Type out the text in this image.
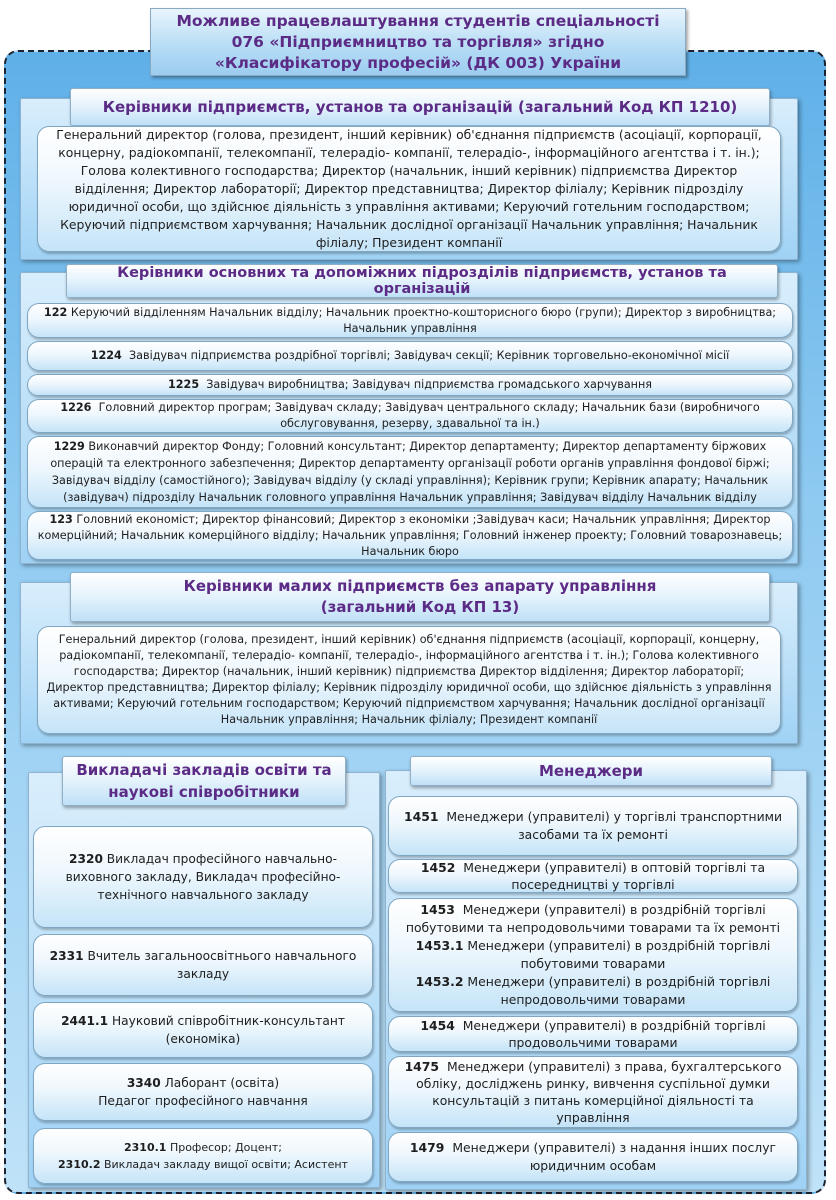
Можливе працевлаштування студентів спеціальності
076 «Підприємництво та торгівля» згідно
«Класифікатору професій» (ДК 003) України
Керівники підприємств, установ та організацій (загальний Код КП 1210)
Генеральний директор (голова, президент, інший керівник) об'єднання підприємств (асоціації, корпорації, концерну, радіокомпанії, телекомпанії, телерадіо- компанії, телерадіо-, інформаційного агентства і т. ін.); Голова колективного господарства; Директор (начальник, інший керівник) підприємства Директор відділення; Директор лабораторії; Директор представництва; Директор філіалу; Керівник підрозділу юридичної особи, що здійснює діяльність з управління активами; Керуючий готельним господарством; Керуючий підприємством харчування; Начальник дослідної організації Начальник управління; Начальник філіалу; Президент компанії
Керівники основних та допоміжних підрозділів підприємств, установ та організацій
122 Керуючий відділенням Начальник відділу; Начальник проектно-кошторисного бюро (групи); Директор з виробництва; Начальник управління
1224 Завідувач підприємства роздрібної торгівлі; Завідувач секції; Керівник торговельно-економічної місії
1225 Завідувач виробництва; Завідувач підприємства громадського харчування
1226 Головний директор програм; Завідувач складу; Завідувач центрального складу; Начальник бази (виробничого обслуговування, резерву, здавальної та ін.)
1229 Виконавчий директор Фонду; Головний консультант; Директор департаменту; Директор департаменту біржових операцій та електронного забезпечення; Директор департаменту організації роботи органів управління фондової біржі; Завідувач відділу (самостійного); Завідувач відділу (у складі управління); Керівник групи; Керівник апарату; Начальник (завідувач) підрозділу Начальник головного управління Начальник управління; Завідувач відділу Начальник відділу
123 Головний економіст; Директор фінансовий; Директор з економіки ;Завідувач каси; Начальник управління; Директор комерційний; Начальник комерційного відділу; Начальник управління; Головний інженер проекту; Головний товарознавець; Начальник бюро
Керівники малих підприємств без апарату управління
(загальний Код КП 13)
Генеральний директор (голова, президент, інший керівник) об'єднання підприємств (асоціації, корпорації, концерну, радіокомпанії, телекомпанії, телерадіо- компанії, телерадіо-, інформаційного агентства і т. ін.); Голова колективного господарства; Директор (начальник, інший керівник) підприємства Директор відділення; Директор лабораторії; Директор представництва; Директор філіалу; Керівник підрозділу юридичної особи, що здійснює діяльність з управління активами; Керуючий готельним господарством; Керуючий підприємством харчування; Начальник дослідної організації Начальник управління; Начальник філіалу; Президент компанії
Викладачі закладів освіти та
наукові співробітники
2320 Викладач професійного навчально-виховного закладу, Викладач професійно-технічного навчального закладу
2331 Вчитель загальноосвітнього навчального закладу
2441.1 Науковий співробітник-консультант (економіка)
3340 Лаборант (освіта)
Педагог професійного навчання
2310.1 Професор; Доцент;
2310.2 Викладач закладу вищої освіти; Асистент
Менеджери
1451 Менеджери (управителі) у торгівлі транспортними засобами та їх ремонті
1452 Менеджери (управителі) в оптовій торгівлі та посередництві у торгівлі
1453 Менеджери (управителі) в роздрібній торгівлі побутовими та непродовольчими товарами та їх ремонті
1453.1 Менеджери (управителі) в роздрібній торгівлі побутовими товарами
1453.2 Менеджери (управителі) в роздрібній торгівлі непродовольчими товарами
1454 Менеджери (управителі) в роздрібній торгівлі продовольчими товарами
1475 Менеджери (управителі) з права, бухгалтерського обліку, досліджень ринку, вивчення суспільної думки консультацій з питань комерційної діяльності та управління
1479 Менеджери (управителі) з надання інших послуг юридичним особам
